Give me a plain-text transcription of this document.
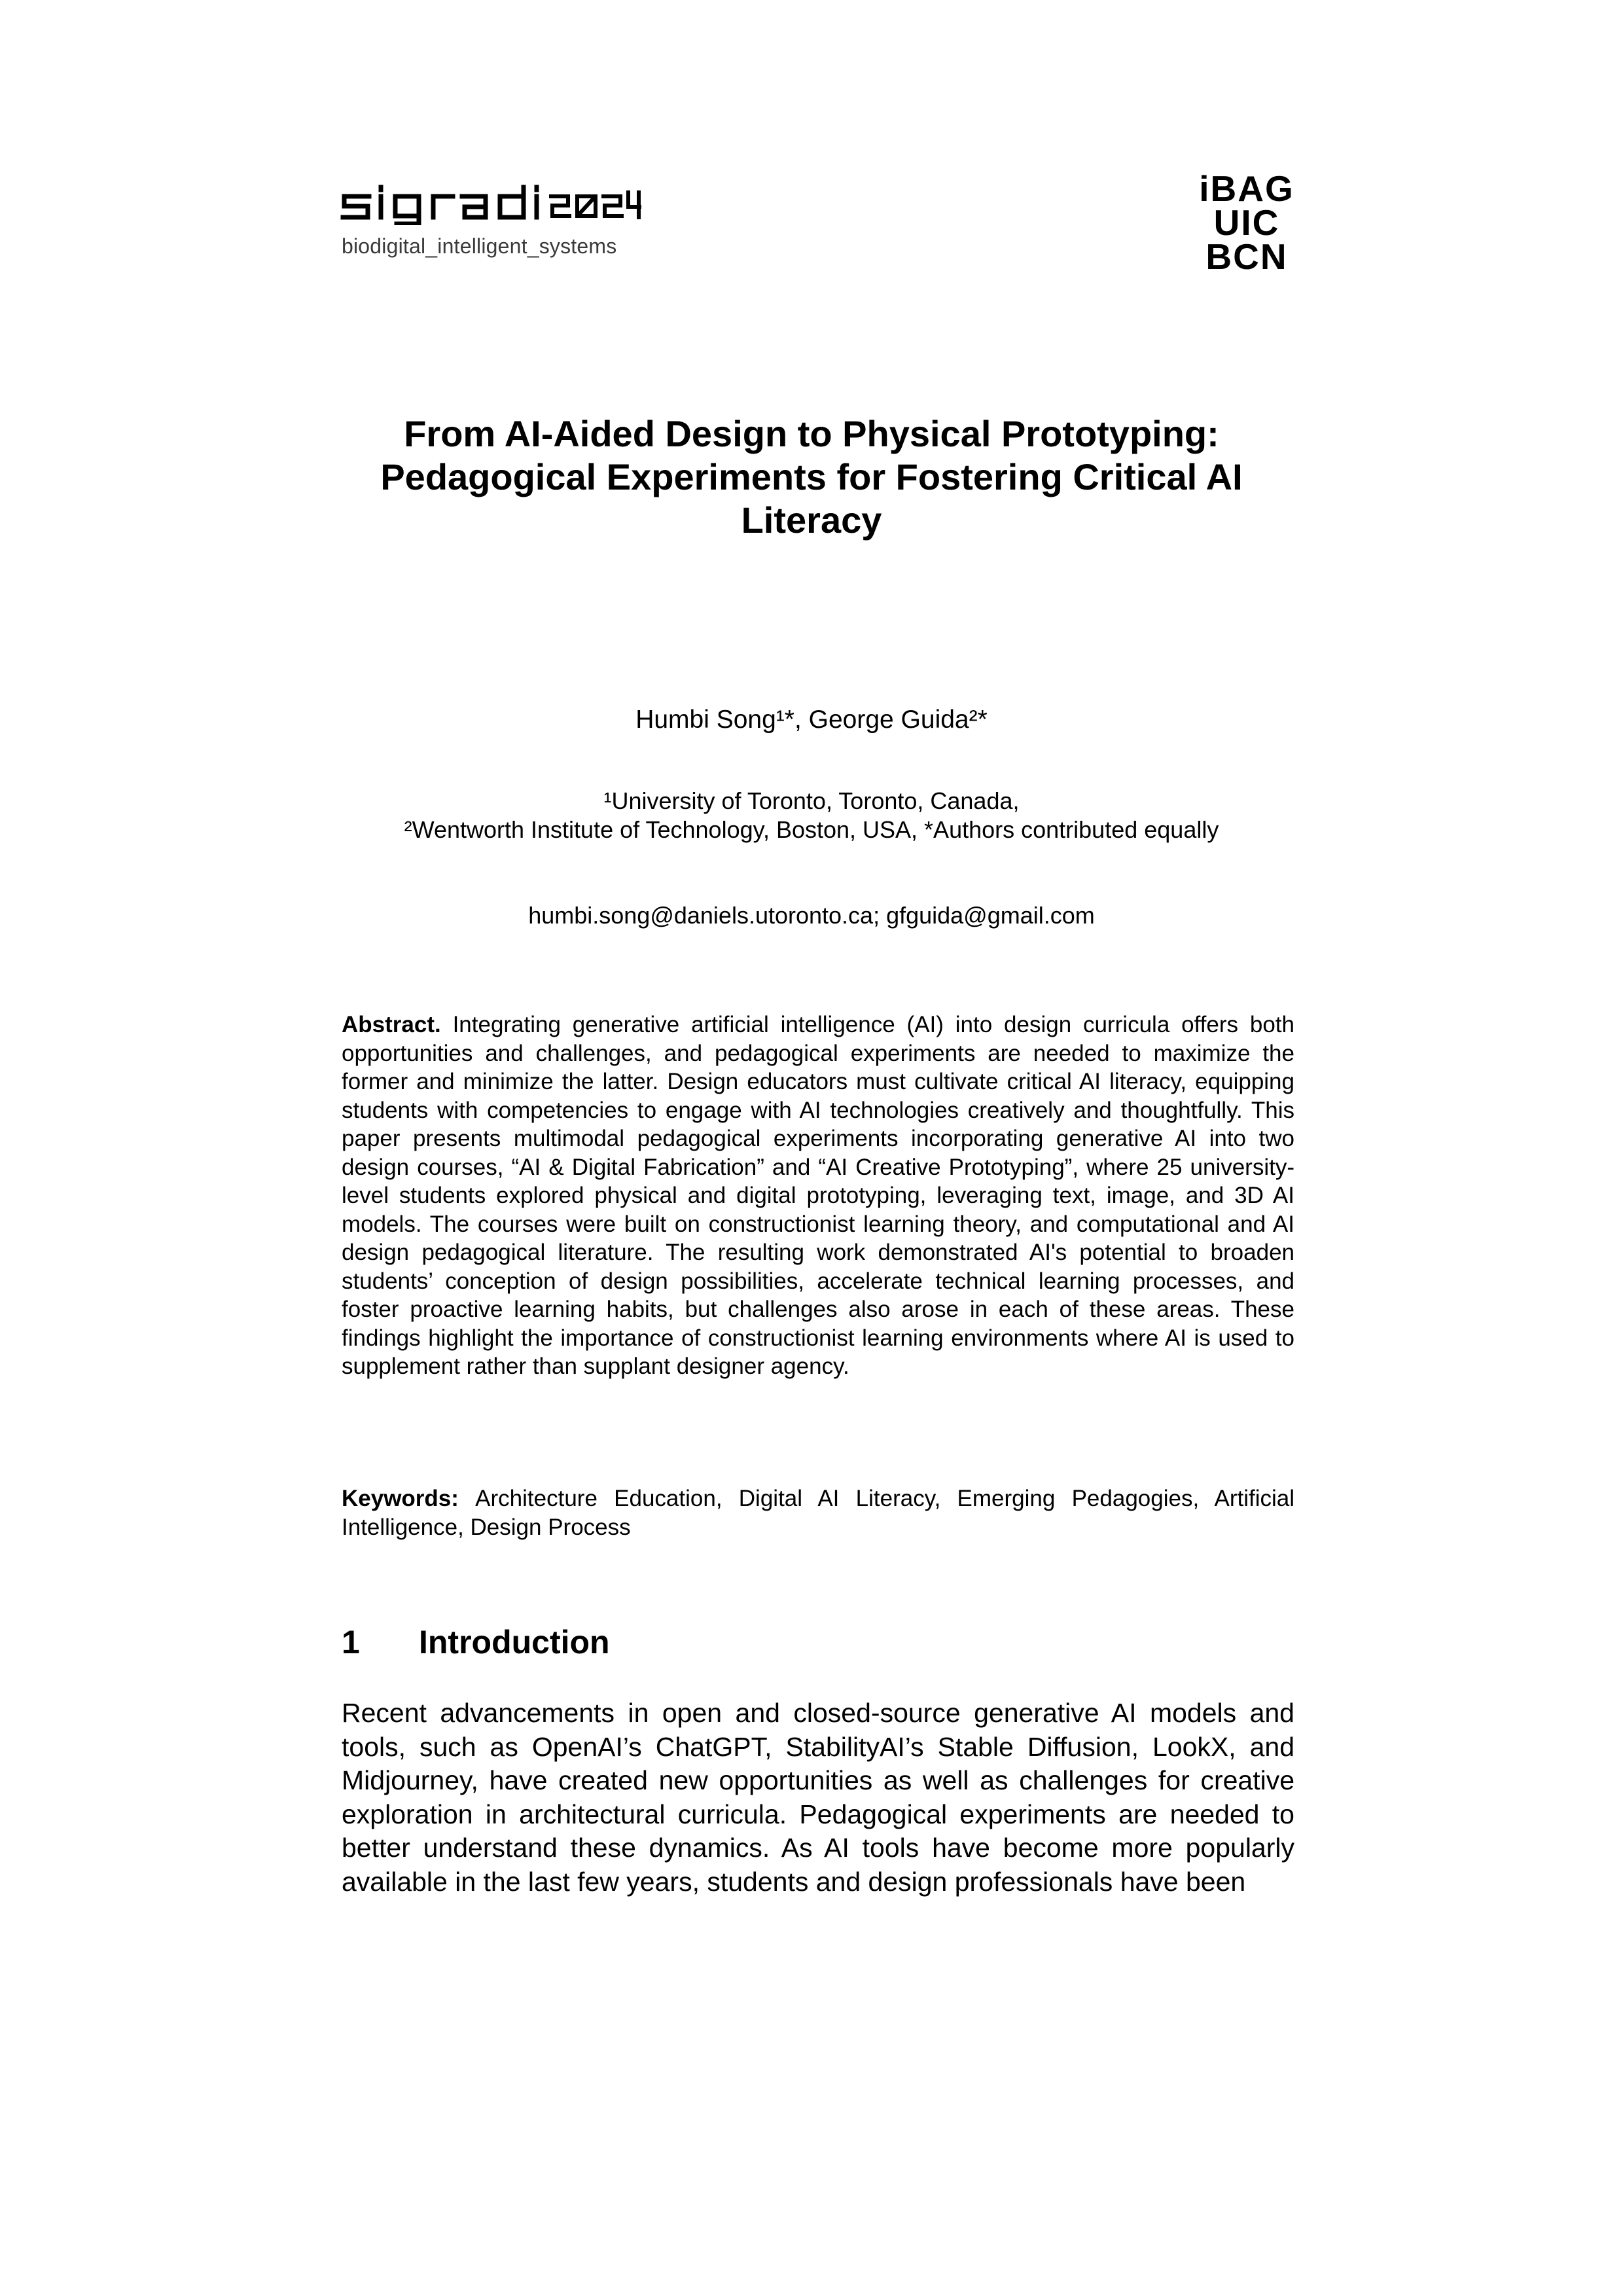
biodigital_intelligent_systems
iBAG
UIC
BCN
From AI-Aided Design to Physical Prototyping:
Pedagogical Experiments for Fostering Critical AI
Literacy
Humbi Song¹*, George Guida²*
¹University of Toronto, Toronto, Canada,
²Wentworth Institute of Technology, Boston, USA, *Authors contributed equally
humbi.song@daniels.utoronto.ca; gfguida@gmail.com

Abstract. Integrating generative artificial intelligence (AI) into design curricula offers both opportunities and challenges, and pedagogical experiments are needed to maximize the former and minimize the latter. Design educators must cultivate critical AI literacy, equipping students with competencies to engage with AI technologies creatively and thoughtfully. This paper presents multimodal pedagogical experiments incorporating generative AI into two design courses, “AI & Digital Fabrication” and “AI Creative Prototyping”, where 25 university-level students explored physical and digital prototyping, leveraging text, image, and 3D AI models. The courses were built on constructionist learning theory, and computational and AI design pedagogical literature. The resulting work demonstrated AI's potential to broaden students’ conception of design possibilities, accelerate technical learning processes, and foster proactive learning habits, but challenges also arose in each of these areas. These findings highlight the importance of constructionist learning environments where AI is used to supplement rather than supplant designer agency.

Keywords: Architecture Education, Digital AI Literacy, Emerging Pedagogies, Artificial Intelligence, Design Process

1 Introduction

Recent advancements in open and closed-source generative AI models and tools, such as OpenAI’s ChatGPT, StabilityAI’s Stable Diffusion, LookX, and Midjourney, have created new opportunities as well as challenges for creative exploration in architectural curricula. Pedagogical experiments are needed to better understand these dynamics. As AI tools have become more popularly available in the last few years, students and design professionals have been
